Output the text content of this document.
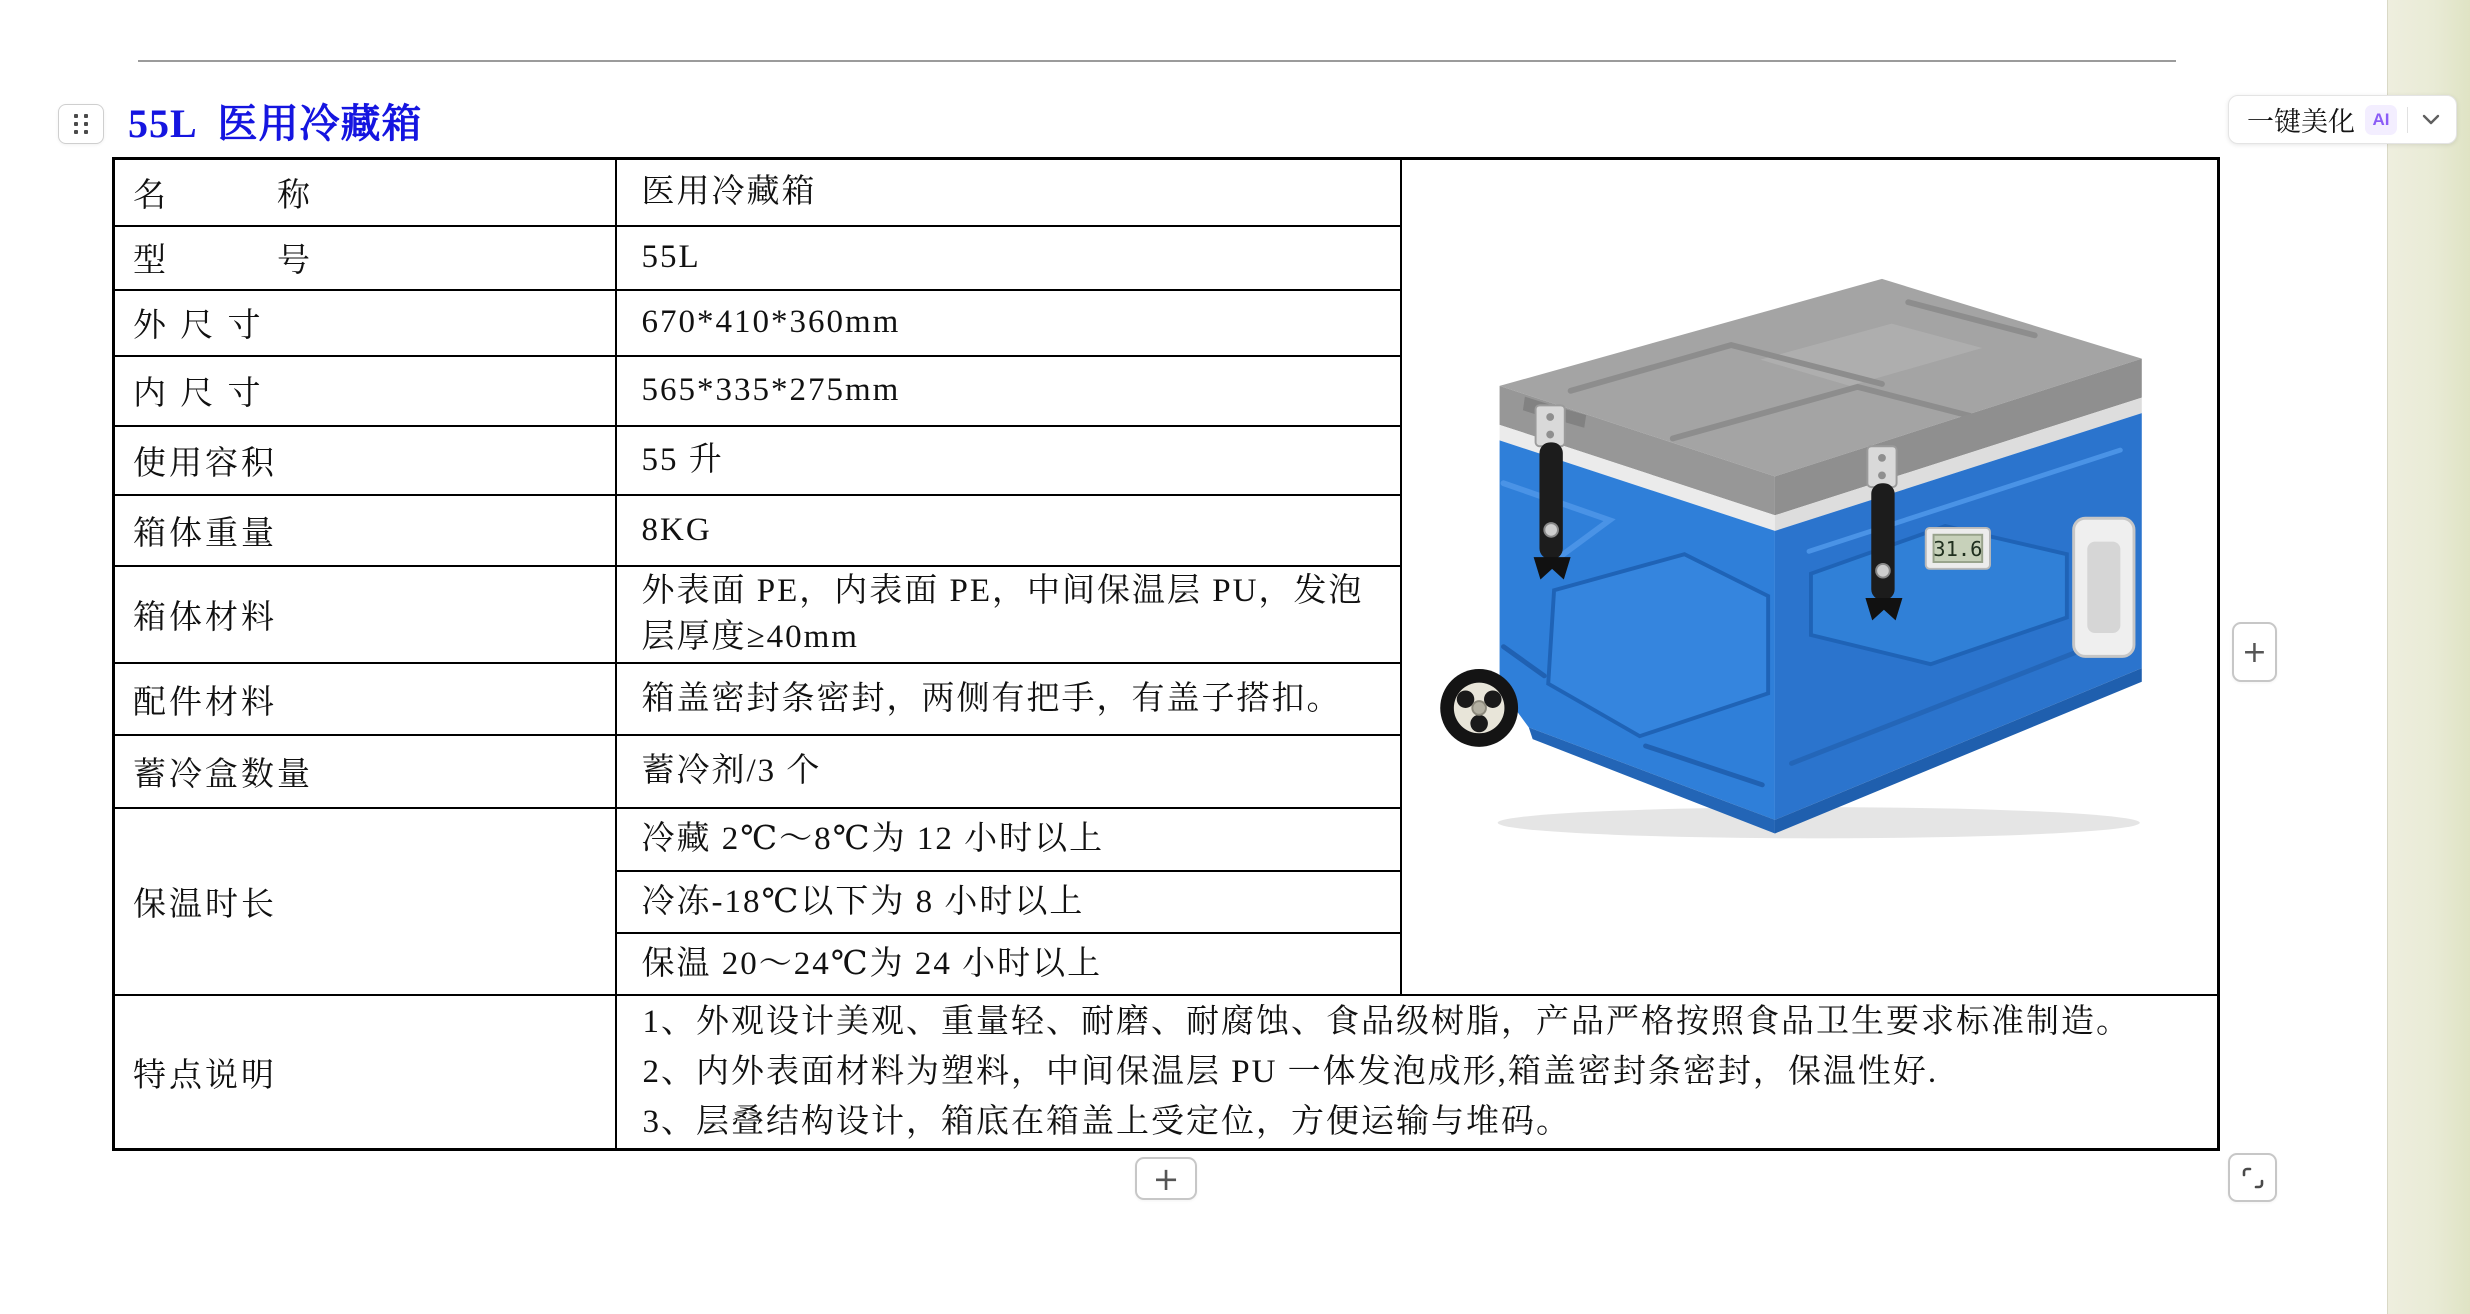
55L  医用冷藏箱	一键美化	AI
名　　　称	医用冷藏箱	31.6

型　　　号	55L	
外 尺 寸	670*410*360mm	
内 尺 寸	565*335*275mm	
使用容积	55 升	
箱体重量	8KG	
箱体材料	外表面 PE，内表面 PE，中间保温层 PU，发泡层厚度≥40mm	
配件材料	箱盖密封条密封，两侧有把手，有盖子搭扣。	
蓄冷盒数量	蓄冷剂/3 个	
保温时长	冷藏 2℃～8℃为 12 小时以上	
	冷冻-18℃以下为 8 小时以上	
	保温 20～24℃为 24 小时以上	
特点说明	1、外观设计美观、重量轻、耐磨、耐腐蚀、食品级树脂，产品严格按照食品卫生要求标准制造。
2、内外表面材料为塑料，中间保温层 PU 一体发泡成形,箱盖密封条密封，保温性好.
3、层叠结构设计，箱底在箱盖上受定位，方便运输与堆码。	
+
+
